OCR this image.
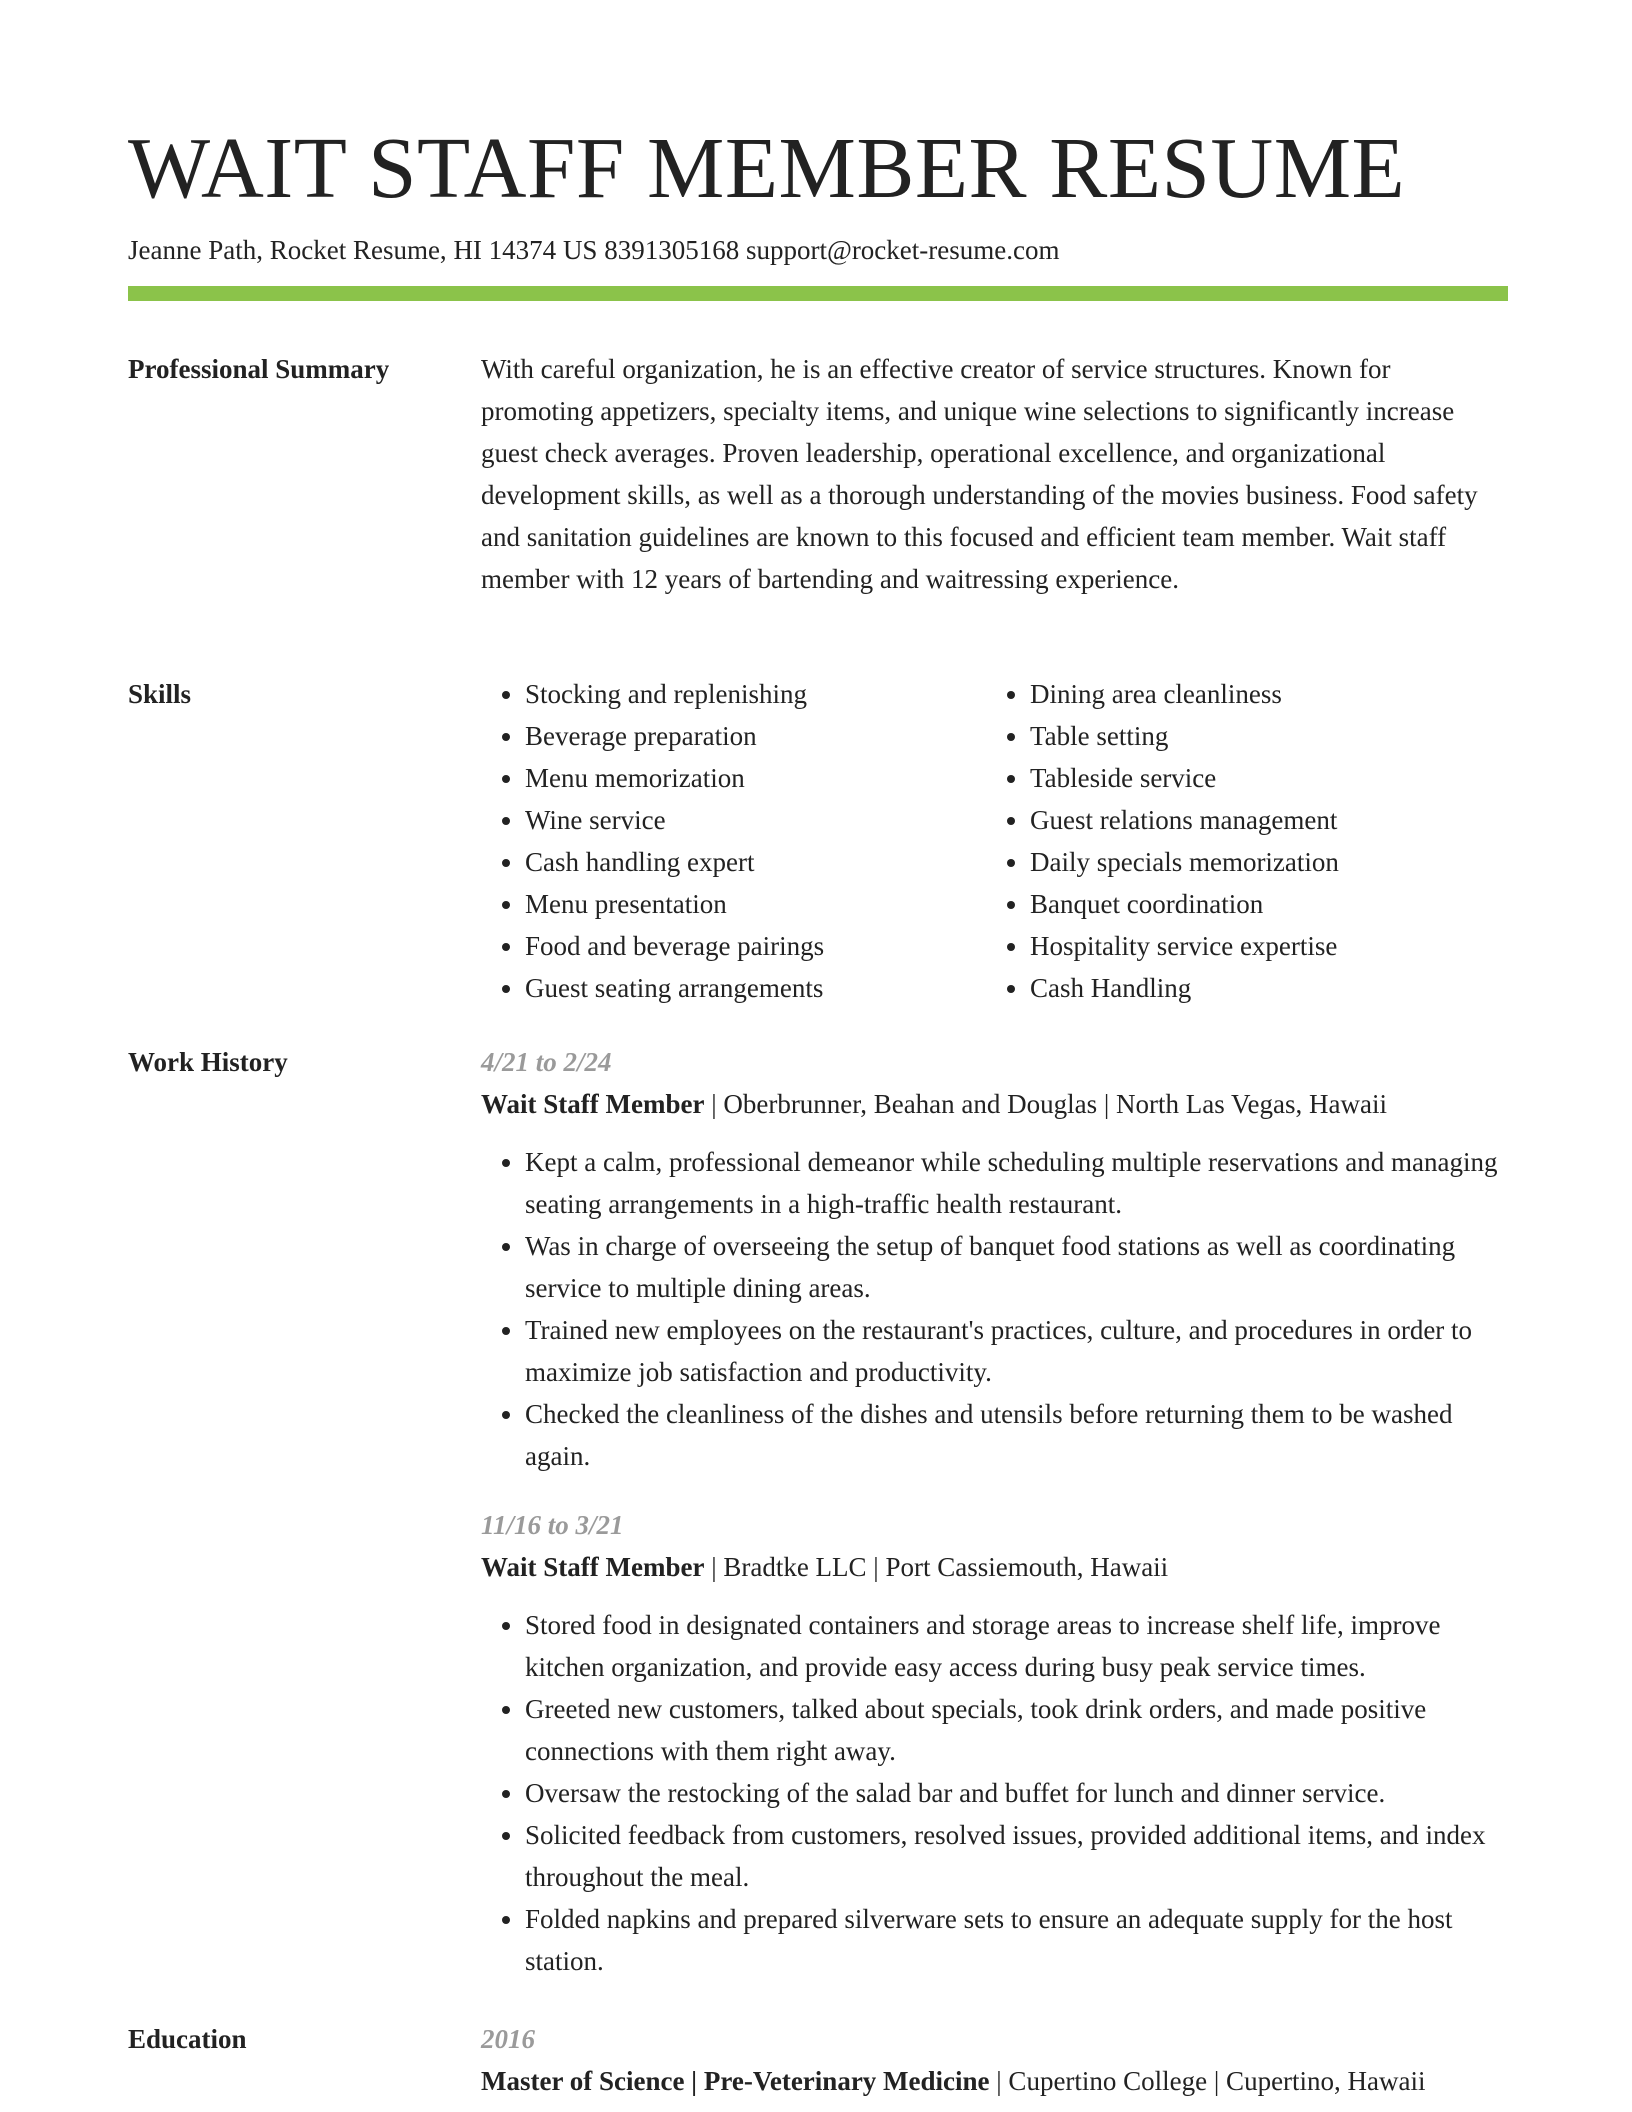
WAIT STAFF MEMBER RESUME
Jeanne Path, Rocket Resume, HI 14374 US 8391305168 support@rocket-resume.com
Professional Summary	With careful organization, he is an effective creator of service structures. Known for promoting appetizers, specialty items, and unique wine selections to significantly increase guest check averages. Proven leadership, operational excellence, and organizational development skills, as well as a thorough understanding of the movies business. Food safety and sanitation guidelines are known to this focused and efficient team member. Wait staff member with 12 years of bartending and waitressing experience.

Skills
•	Stocking and replenishing
• Beverage preparation
• Menu memorization
• Wine service
• Cash handling expert
• Menu presentation
• Food and beverage pairings
• Guest seating arrangements
• Dining area cleanliness
• Table setting
• Tableside service
• Guest relations management
• Daily specials memorization
• Banquet coordination
• Hospitality service expertise
• Cash Handling
Work History	4/21 to 2/24
Wait Staff Member | Oberbrunner, Beahan and Douglas | North Las Vegas, Hawaii
• Kept a calm, professional demeanor while scheduling multiple reservations and managing seating arrangements in a high-traffic health restaurant.
• Was in charge of overseeing the setup of banquet food stations as well as coordinating service to multiple dining areas.
• Trained new employees on the restaurant's practices, culture, and procedures in order to maximize job satisfaction and productivity.
• Checked the cleanliness of the dishes and utensils before returning them to be washed again.
11/16 to 3/21
Wait Staff Member | Bradtke LLC | Port Cassiemouth, Hawaii
• Stored food in designated containers and storage areas to increase shelf life, improve kitchen organization, and provide easy access during busy peak service times.
• Greeted new customers, talked about specials, took drink orders, and made positive connections with them right away.
• Oversaw the restocking of the salad bar and buffet for lunch and dinner service.
• Solicited feedback from customers, resolved issues, provided additional items, and index throughout the meal.
• Folded napkins and prepared silverware sets to ensure an adequate supply for the host station.
Education	2016
Master of Science | Pre-Veterinary Medicine | Cupertino College | Cupertino, Hawaii
